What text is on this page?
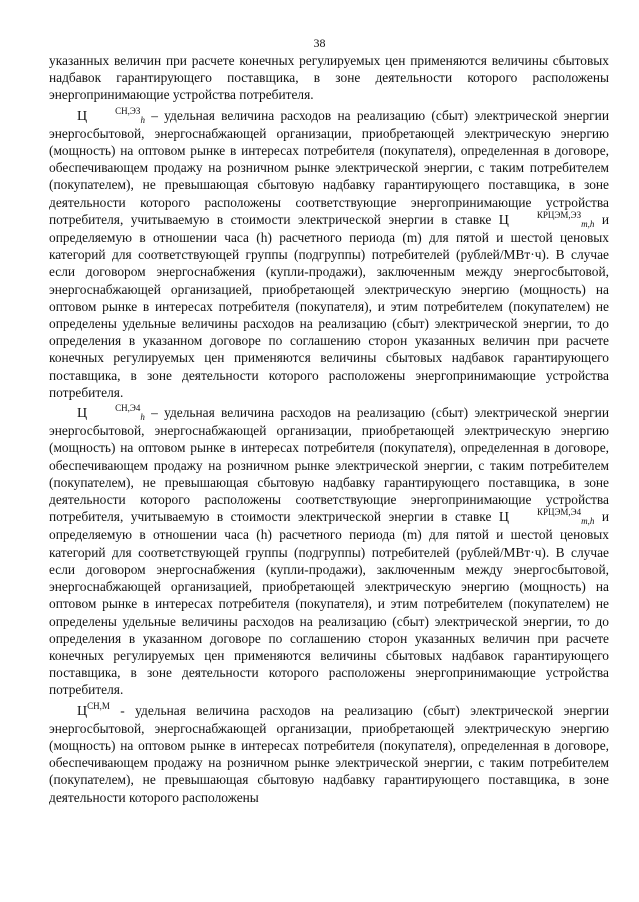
38

указанных величин при расчете конечных регулируемых цен применяются величины сбытовых надбавок гарантирующего поставщика, в зоне деятельности которого расположены энергопринимающие устройства потребителя.

Ц	$^{СН,ЭЗ}_h$ – удельная величина расходов на реализацию (сбыт) электрической энергии энергосбытовой, энергоснабжающей организации, приобретающей электрическую энергию (мощность) на оптовом рынке в интересах потребителя (покупателя), определенная в договоре, обеспечивающем продажу на розничном рынке электрической энергии, с таким потребителем (покупателем), не превышающая сбытовую надбавку гарантирующего поставщика, в зоне деятельности которого расположены соответствующие энергопринимающие устройства потребителя, учитываемую в стоимости электрической энергии в ставке Ц	$^{КРЦЭМ,ЭЗ}_{m,h}$ и определяемую в отношении часа (h) расчетного периода (m) для пятой и шестой ценовых категорий для соответствующей группы (подгруппы) потребителей (рублей/МВт·ч). В случае если договором энергоснабжения (купли-продажи), заключенным между энергосбытовой, энергоснабжающей организацией, приобретающей электрическую энергию (мощность) на оптовом рынке в интересах потребителя (покупателя), и этим потребителем (покупателем) не определены удельные величины расходов на реализацию (сбыт) электрической энергии, то до определения в указанном договоре по соглашению сторон указанных величин при расчете конечных регулируемых цен применяются величины сбытовых надбавок гарантирующего поставщика, в зоне деятельности которого расположены энергопринимающие устройства потребителя.

Ц	$^{СН,Э4}_h$ – удельная величина расходов на реализацию (сбыт) электрической энергии энергосбытовой, энергоснабжающей организации, приобретающей электрическую энергию (мощность) на оптовом рынке в интересах потребителя (покупателя), определенная в договоре, обеспечивающем продажу на розничном рынке электрической энергии, с таким потребителем (покупателем), не превышающая сбытовую надбавку гарантирующего поставщика, в зоне деятельности которого расположены соответствующие энергопринимающие устройства потребителя, учитываемую в стоимости электрической энергии в ставке Ц	$^{КРЦЭМ,Э4}_{m,h}$ и определяемую в отношении часа (h) расчетного периода (m) для пятой и шестой ценовых категорий для соответствующей группы (подгруппы) потребителей (рублей/МВт·ч). В случае если договором энергоснабжения (купли-продажи), заключенным между энергосбытовой, энергоснабжающей организацией, приобретающей электрическую энергию (мощность) на оптовом рынке в интересах потребителя (покупателя), и этим потребителем (покупателем) не определены удельные величины расходов на реализацию (сбыт) электрической энергии, то до определения в указанном договоре по соглашению сторон указанных величин при расчете конечных регулируемых цен применяются величины сбытовых надбавок гарантирующего поставщика, в зоне деятельности которого расположены энергопринимающие устройства потребителя.

$Ц^{СН,М}$ - удельная величина расходов на реализацию (сбыт) электрической энергии энергосбытовой, энергоснабжающей организации, приобретающей электрическую энергию (мощность) на оптовом рынке в интересах потребителя (покупателя), определенная в договоре, обеспечивающем продажу на розничном рынке электрической энергии, с таким потребителем (покупателем), не превышающая сбытовую надбавку гарантирующего поставщика, в зоне деятельности которого расположены
